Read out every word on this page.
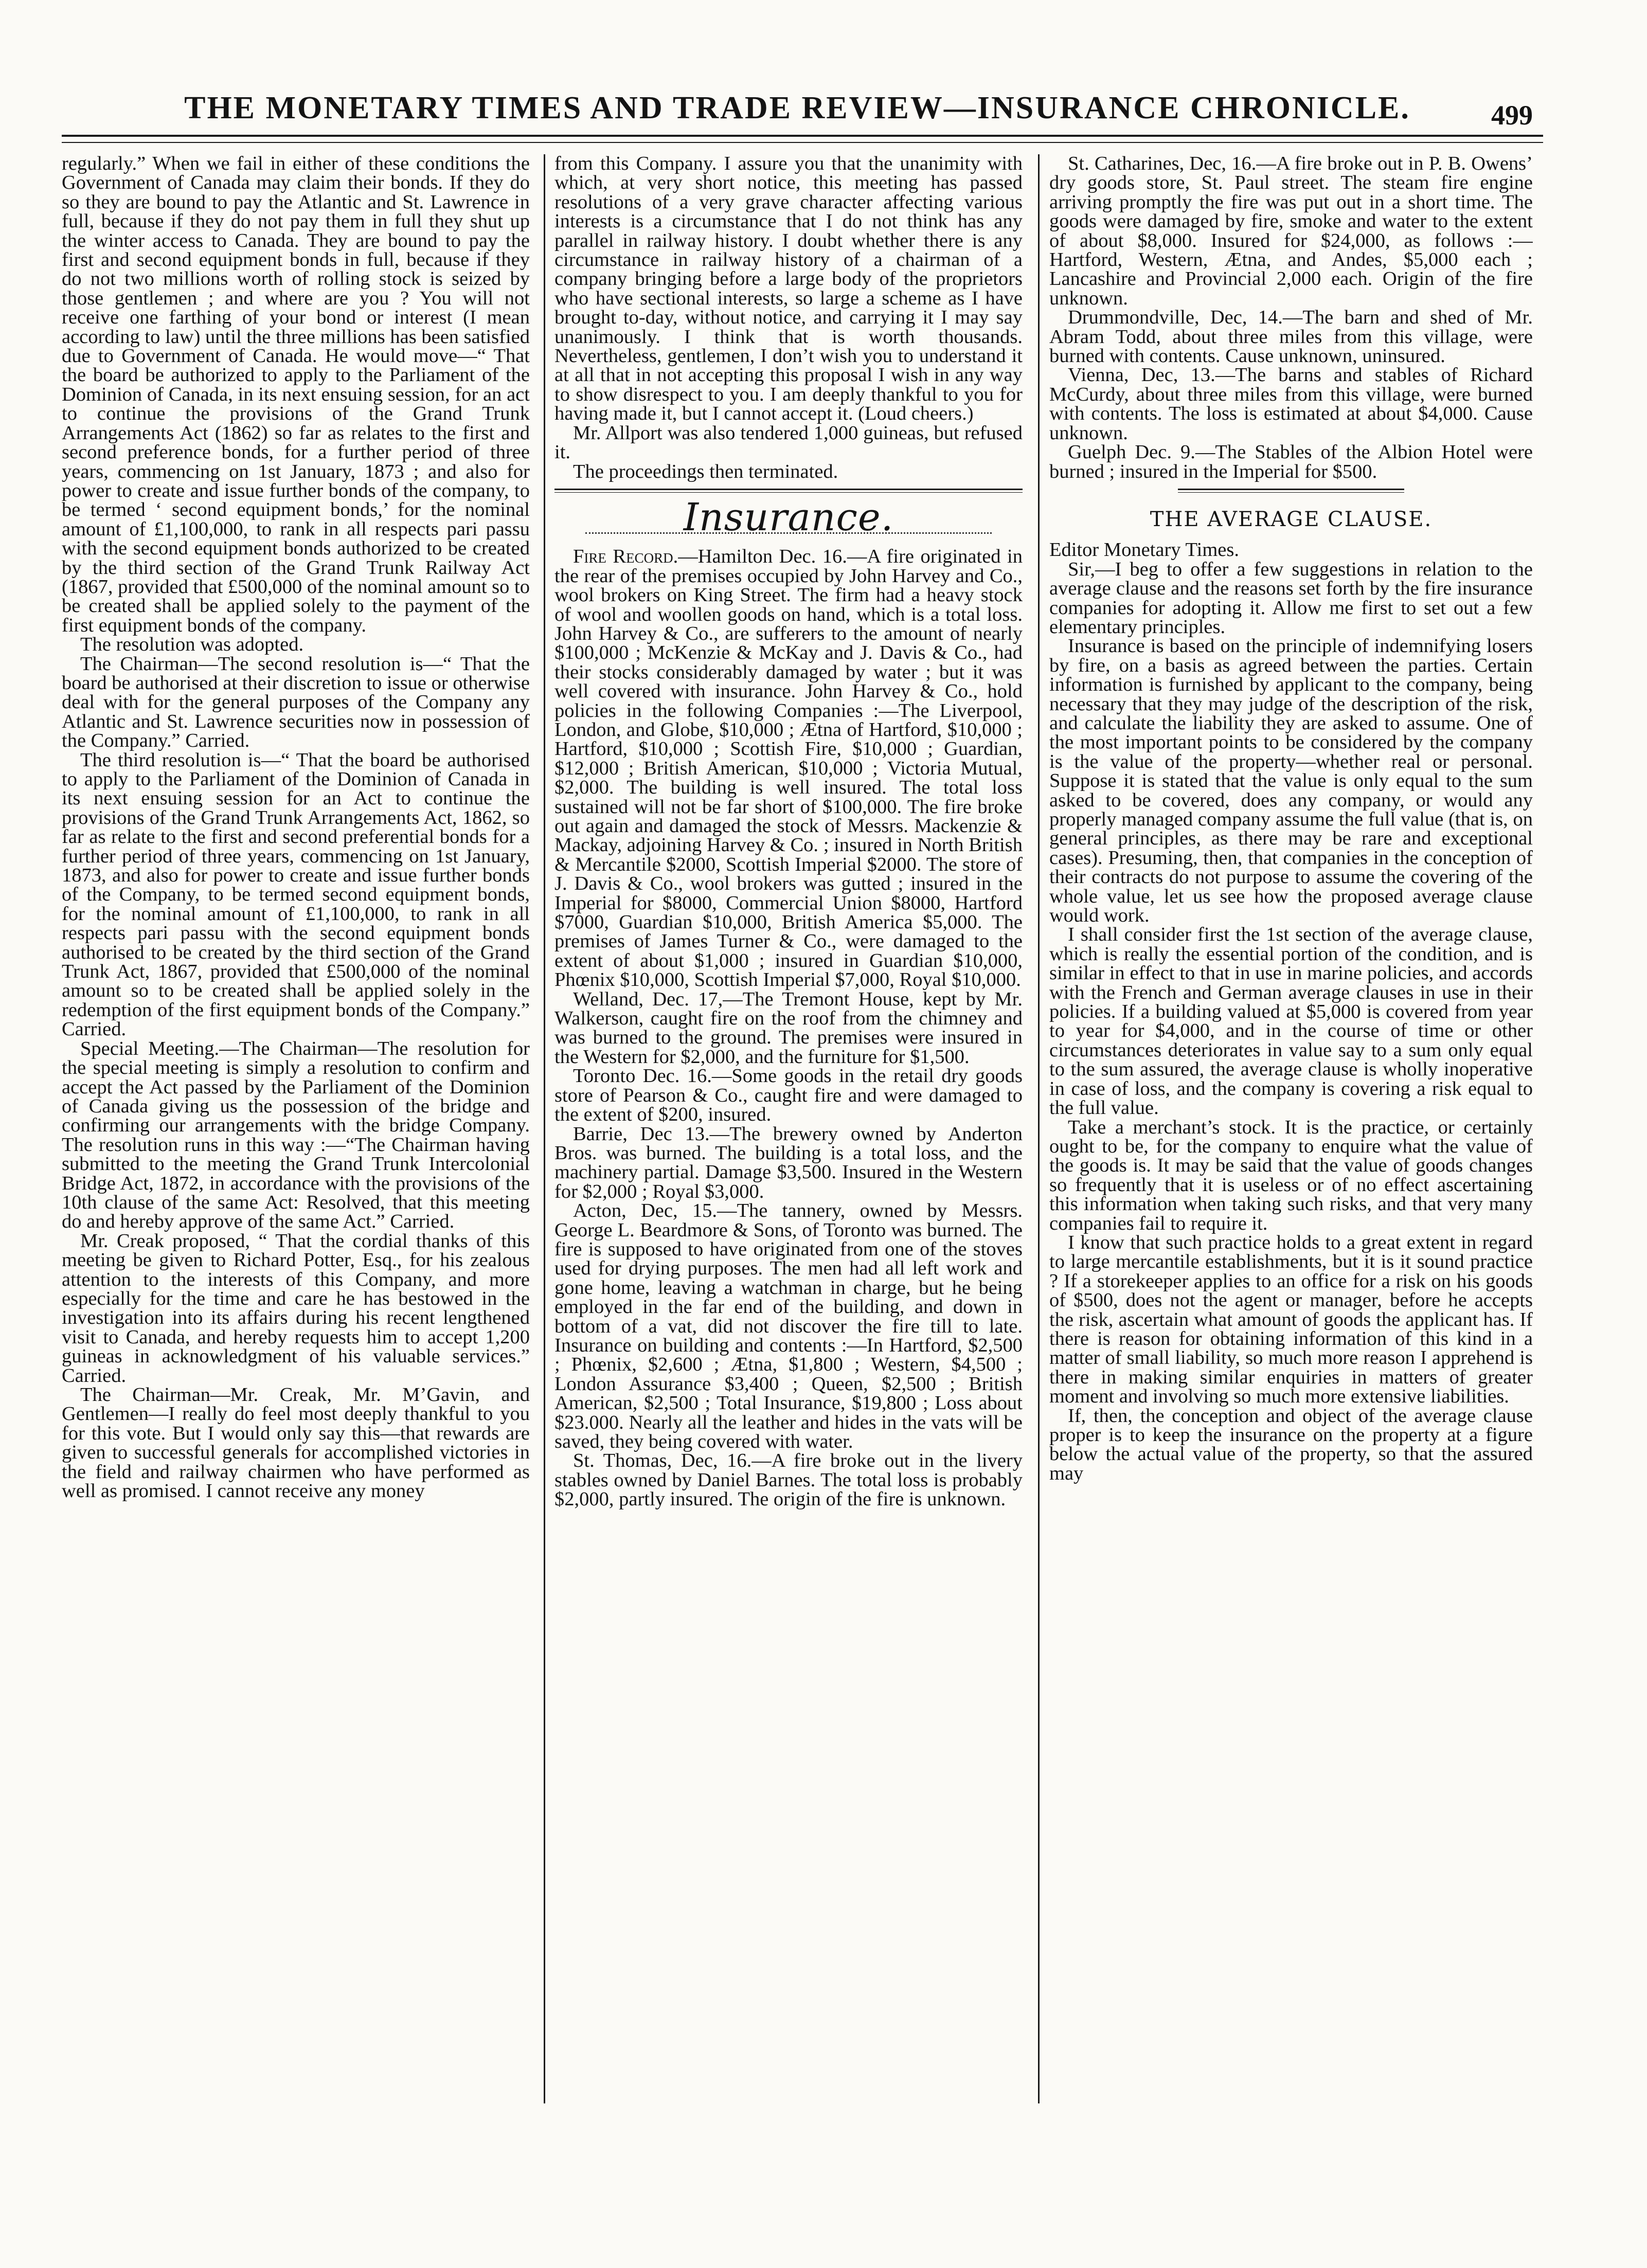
THE MONETARY TIMES AND TRADE REVIEW—INSURANCE CHRONICLE.	499

regularly.” When we fail in either of these conditions the Government of Canada may claim their bonds. If they do so they are bound to pay the Atlantic and St. Lawrence in full, because if they do not pay them in full they shut up the winter access to Canada. They are bound to pay the first and second equipment bonds in full, because if they do not two millions worth of rolling stock is seized by those gentlemen ; and where are you ? You will not receive one farthing of your bond or interest (I mean according to law) until the three millions has been satisfied due to Government of Canada. He would move—“ That the board be authorized to apply to the Parliament of the Dominion of Canada, in its next ensuing session, for an act to continue the provisions of the Grand Trunk Arrangements Act (1862) so far as relates to the first and second preference bonds, for a further period of three years, commencing on 1st January, 1873 ; and also for power to create and issue further bonds of the company, to be termed ‘ second equipment bonds,’ for the nominal amount of £1,100,000, to rank in all respects pari passu with the second equipment bonds authorized to be created by the third section of the Grand Trunk Railway Act (1867, provided that £500,000 of the nominal amount so to be created shall be applied solely to the payment of the first equipment bonds of the company.

The resolution was adopted.

The Chairman—The second resolution is—“ That the board be authorised at their discretion to issue or otherwise deal with for the general purposes of the Company any Atlantic and St. Lawrence securities now in possession of the Company.” Carried.

The third resolution is—“ That the board be authorised to apply to the Parliament of the Dominion of Canada in its next ensuing session for an Act to continue the provisions of the Grand Trunk Arrangements Act, 1862, so far as relate to the first and second preferential bonds for a further period of three years, commencing on 1st January, 1873, and also for power to create and issue further bonds of the Company, to be termed second equipment bonds, for the nominal amount of £1,100,000, to rank in all respects pari passu with the second equipment bonds authorised to be created by the third section of the Grand Trunk Act, 1867, provided that £500,000 of the nominal amount so to be created shall be applied solely in the redemption of the first equipment bonds of the Company.” Carried.

Special Meeting.—The Chairman—The resolution for the special meeting is simply a resolution to confirm and accept the Act passed by the Parliament of the Dominion of Canada giving us the possession of the bridge and confirming our arrangements with the bridge Company. The resolution runs in this way :—“The Chairman having submitted to the meeting the Grand Trunk Intercolonial Bridge Act, 1872, in accordance with the provisions of the 10th clause of the same Act: Resolved, that this meeting do and hereby approve of the same Act.” Carried.

Mr. Creak proposed, “ That the cordial thanks of this meeting be given to Richard Potter, Esq., for his zealous attention to the interests of this Company, and more especially for the time and care he has bestowed in the investigation into its affairs during his recent lengthened visit to Canada, and hereby requests him to accept 1,200 guineas in acknowledgment of his valuable services.” Carried.

The Chairman—Mr. Creak, Mr. M’Gavin, and Gentlemen—I really do feel most deeply thankful to you for this vote. But I would only say this—that rewards are given to successful generals for accomplished victories in the field and railway chairmen who have performed as well as promised. I cannot receive any money

from this Company. I assure you that the unanimity with which, at very short notice, this meeting has passed resolutions of a very grave character affecting various interests is a circumstance that I do not think has any parallel in railway history. I doubt whether there is any circumstance in railway history of a chairman of a company bringing before a large body of the proprietors who have sectional interests, so large a scheme as I have brought to-day, without notice, and carrying it I may say unanimously. I think that is worth thousands. Nevertheless, gentlemen, I don’t wish you to understand it at all that in not accepting this proposal I wish in any way to show disrespect to you. I am deeply thankful to you for having made it, but I cannot accept it. (Loud cheers.)

Mr. Allport was also tendered 1,000 guineas, but refused it.

The proceedings then terminated.

Insurance.

Fire Record.—Hamilton Dec. 16.—A fire originated in the rear of the premises occupied by John Harvey and Co., wool brokers on King Street. The firm had a heavy stock of wool and woollen goods on hand, which is a total loss. John Harvey & Co., are sufferers to the amount of nearly $100,000 ; McKenzie & McKay and J. Davis & Co., had their stocks considerably damaged by water ; but it was well covered with insurance. John Harvey & Co., hold policies in the following Companies :—The Liverpool, London, and Globe, $10,000 ; Ætna of Hartford, $10,000 ; Hartford, $10,000 ; Scottish Fire, $10,000 ; Guardian, $12,000 ; British American, $10,000 ; Victoria Mutual, $2,000. The building is well insured. The total loss sustained will not be far short of $100,000. The fire broke out again and damaged the stock of Messrs. Mackenzie & Mackay, adjoining Harvey & Co. ; insured in North British & Mercantile $2000, Scottish Imperial $2000. The store of J. Davis & Co., wool brokers was gutted ; insured in the Imperial for $8000, Commercial Union $8000, Hartford $7000, Guardian $10,000, British America $5,000. The premises of James Turner & Co., were damaged to the extent of about $1,000 ; insured in Guardian $10,000, Phœnix $10,000, Scottish Imperial $7,000, Royal $10,000.

Welland, Dec. 17,—The Tremont House, kept by Mr. Walkerson, caught fire on the roof from the chimney and was burned to the ground. The premises were insured in the Western for $2,000, and the furniture for $1,500.

Toronto Dec. 16.—Some goods in the retail dry goods store of Pearson & Co., caught fire and were damaged to the extent of $200, insured.

Barrie, Dec 13.—The brewery owned by Anderton Bros. was burned. The building is a total loss, and the machinery partial. Damage $3,500. Insured in the Western for $2,000 ; Royal $3,000.

Acton, Dec, 15.—The tannery, owned by Messrs. George L. Beardmore & Sons, of Toronto was burned. The fire is supposed to have originated from one of the stoves used for drying purposes. The men had all left work and gone home, leaving a watchman in charge, but he being employed in the far end of the building, and down in bottom of a vat, did not discover the fire till to late. Insurance on building and contents :—In Hartford, $2,500 ; Phœnix, $2,600 ; Ætna, $1,800 ; Western, $4,500 ; London Assurance $3,400 ; Queen, $2,500 ; British American, $2,500 ; Total Insurance, $19,800 ; Loss about $23.000. Nearly all the leather and hides in the vats will be saved, they being covered with water.

St. Thomas, Dec, 16.—A fire broke out in the livery stables owned by Daniel Barnes. The total loss is probably $2,000, partly insured. The origin of the fire is unknown.

St. Catharines, Dec, 16.—A fire broke out in P. B. Owens’ dry goods store, St. Paul street. The steam fire engine arriving promptly the fire was put out in a short time. The goods were damaged by fire, smoke and water to the extent of about $8,000. Insured for $24,000, as follows :—Hartford, Western, Ætna, and Andes, $5,000 each ; Lancashire and Provincial 2,000 each. Origin of the fire unknown.

Drummondville, Dec, 14.—The barn and shed of Mr. Abram Todd, about three miles from this village, were burned with contents. Cause unknown, uninsured.

Vienna, Dec, 13.—The barns and stables of Richard McCurdy, about three miles from this village, were burned with contents. The loss is estimated at about $4,000. Cause unknown.

Guelph Dec. 9.—The Stables of the Albion Hotel were burned ; insured in the Imperial for $500.

THE AVERAGE CLAUSE.

Editor Monetary Times.

Sir,—I beg to offer a few suggestions in relation to the average clause and the reasons set forth by the fire insurance companies for adopting it. Allow me first to set out a few elementary principles.

Insurance is based on the principle of indemnifying losers by fire, on a basis as agreed between the parties. Certain information is furnished by applicant to the company, being necessary that they may judge of the description of the risk, and calculate the liability they are asked to assume. One of the most important points to be considered by the company is the value of the property—whether real or personal. Suppose it is stated that the value is only equal to the sum asked to be covered, does any company, or would any properly managed company assume the full value (that is, on general principles, as there may be rare and exceptional cases). Presuming, then, that companies in the conception of their contracts do not purpose to assume the covering of the whole value, let us see how the proposed average clause would work.

I shall consider first the 1st section of the average clause, which is really the essential portion of the condition, and is similar in effect to that in use in marine policies, and accords with the French and German average clauses in use in their policies. If a building valued at $5,000 is covered from year to year for $4,000, and in the course of time or other circumstances deteriorates in value say to a sum only equal to the sum assured, the average clause is wholly inoperative in case of loss, and the company is covering a risk equal to the full value.

Take a merchant’s stock. It is the practice, or certainly ought to be, for the company to enquire what the value of the goods is. It may be said that the value of goods changes so frequently that it is useless or of no effect ascertaining this information when taking such risks, and that very many companies fail to require it.

I know that such practice holds to a great extent in regard to large mercantile establishments, but it is it sound practice ? If a storekeeper applies to an office for a risk on his goods of $500, does not the agent or manager, before he accepts the risk, ascertain what amount of goods the applicant has. If there is reason for obtaining information of this kind in a matter of small liability, so much more reason I apprehend is there in making similar enquiries in matters of greater moment and involving so much more extensive liabilities.

If, then, the conception and object of the average clause proper is to keep the insurance on the property at a figure below the actual value of the property, so that the assured may
